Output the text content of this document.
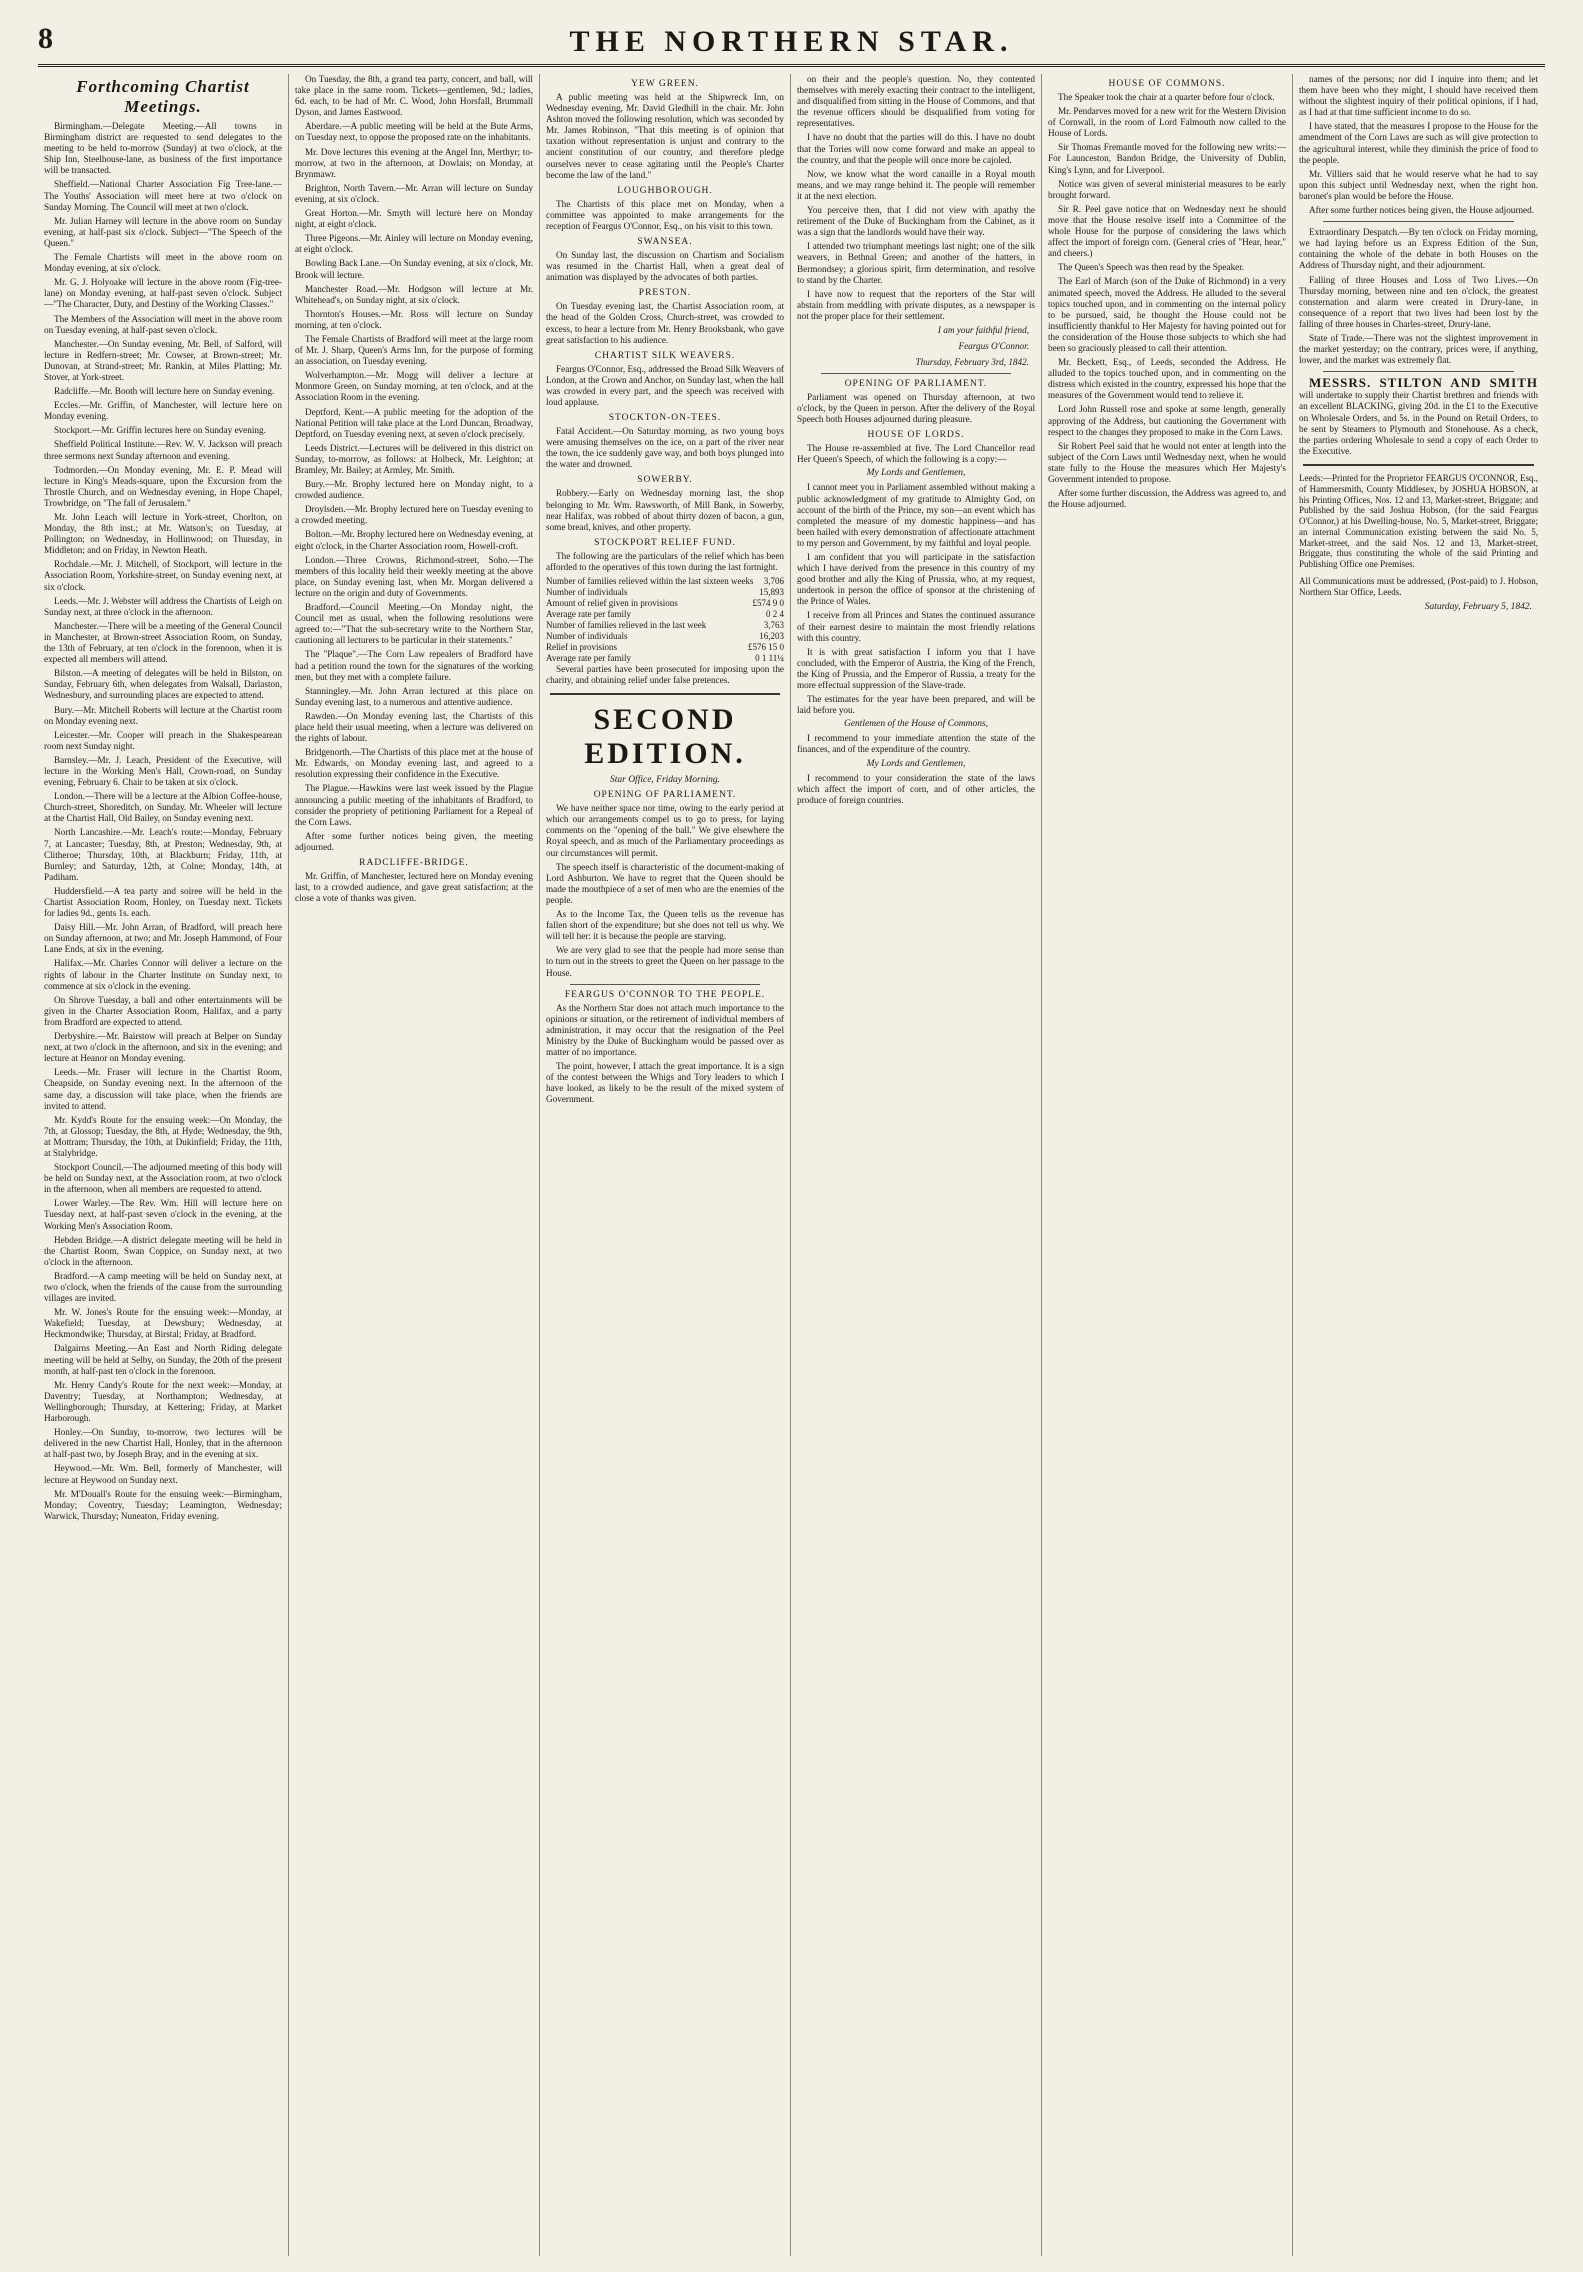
8	THE NORTHERN STAR.
Forthcoming Chartist Meetings.

Birmingham.—Delegate Meeting.—All towns in Birmingham district are requested to send delegates to the meeting to be held to-morrow (Sunday) at two o'clock, at the Ship Inn, Steelhouse-lane, as business of the first importance will be transacted.

Sheffield.—National Charter Association Fig Tree-lane.—The Youths' Association will meet here at two o'clock on Sunday Morning. The Council will meet at two o'clock.

Mr. Julian Harney will lecture in the above room on Sunday evening, at half-past six o'clock. Subject—"The Speech of the Queen."

The Female Chartists will meet in the above room on Monday evening, at six o'clock.

Mr. G. J. Holyoake will lecture in the above room (Fig-tree-lane) on Monday evening, at half-past seven o'clock. Subject—"The Character, Duty, and Destiny of the Working Classes."

The Members of the Association will meet in the above room on Tuesday evening, at half-past seven o'clock.

Manchester.—On Sunday evening, Mr. Bell, of Salford, will lecture in Redfern-street; Mr. Cowser, at Brown-street; Mr. Dunovan, at Strand-street; Mr. Rankin, at Miles Platting; Mr. Stover, at York-street.

Radcliffe.—Mr. Booth will lecture here on Sunday evening.

Eccles.—Mr. Griffin, of Manchester, will lecture here on Monday evening.

Stockport.—Mr. Griffin lectures here on Sunday evening.

Sheffield Political Institute.—Rev. W. V. Jackson will preach three sermons next Sunday afternoon and evening.

Todmorden.—On Monday evening, Mr. E. P. Mead will lecture in King's Meads-square, upon the Excursion from the Throstle Church, and on Wednesday evening, in Hope Chapel, Trowbridge, on "The fall of Jerusalem."

Mr. John Leach will lecture in York-street, Chorlton, on Monday, the 8th inst.; at Mr. Watson's; on Tuesday, at Pollington; on Wednesday, in Hollinwood; on Thursday, in Middleton; and on Friday, in Newton Heath.

Rochdale.—Mr. J. Mitchell, of Stockport, will lecture in the Association Room, Yorkshire-street, on Sunday evening next, at six o'clock.

Leeds.—Mr. J. Webster will address the Chartists of Leigh on Sunday next, at three o'clock in the afternoon.

Manchester.—There will be a meeting of the General Council in Manchester, at Brown-street Association Room, on Sunday, the 13th of February, at ten o'clock in the forenoon, when it is expected all members will attend.

Bilston.—A meeting of delegates will be held in Bilston, on Sunday, February 6th, when delegates from Walsall, Darlaston, Wednesbury, and surrounding places are expected to attend.

Bury.—Mr. Mitchell Roberts will lecture at the Chartist room on Monday evening next.

Leicester.—Mr. Cooper will preach in the Shakespearean room next Sunday night.

Barnsley.—Mr. J. Leach, President of the Executive, will lecture in the Working Men's Hall, Crown-road, on Sunday evening, February 6. Chair to be taken at six o'clock.

London.—There will be a lecture at the Albion Coffee-house, Church-street, Shoreditch, on Sunday. Mr. Wheeler will lecture at the Chartist Hall, Old Bailey, on Sunday evening next.

North Lancashire.—Mr. Leach's route:—Monday, February 7, at Lancaster; Tuesday, 8th, at Preston; Wednesday, 9th, at Clitheroe; Thursday, 10th, at Blackburn; Friday, 11th, at Burnley; and Saturday, 12th, at Colne; Monday, 14th, at Padiham.

Huddersfield.—A tea party and soiree will be held in the Chartist Association Room, Honley, on Tuesday next. Tickets for ladies 9d., gents 1s. each.

Daisy Hill.—Mr. John Arran, of Bradford, will preach here on Sunday afternoon, at two; and Mr. Joseph Hammond, of Four Lane Ends, at six in the evening.

Halifax.—Mr. Charles Connor will deliver a lecture on the rights of labour in the Charter Institute on Sunday next, to commence at six o'clock in the evening.

On Shrove Tuesday, a ball and other entertainments will be given in the Charter Association Room, Halifax, and a party from Bradford are expected to attend.

Derbyshire.—Mr. Bairstow will preach at Belper on Sunday next, at two o'clock in the afternoon, and six in the evening; and lecture at Heanor on Monday evening.

Leeds.—Mr. Fraser will lecture in the Chartist Room, Cheapside, on Sunday evening next. In the afternoon of the same day, a discussion will take place, when the friends are invited to attend.

Mr. Kydd's Route for the ensuing week:—On Monday, the 7th, at Glossop; Tuesday, the 8th, at Hyde; Wednesday, the 9th, at Mottram; Thursday, the 10th, at Dukinfield; Friday, the 11th, at Stalybridge.

Stockport Council.—The adjourned meeting of this body will be held on Sunday next, at the Association room, at two o'clock in the afternoon, when all members are requested to attend.

Lower Warley.—The Rev. Wm. Hill will lecture here on Tuesday next, at half-past seven o'clock in the evening, at the Working Men's Association Room.

Hebden Bridge.—A district delegate meeting will be held in the Chartist Room, Swan Coppice, on Sunday next, at two o'clock in the afternoon.

Bradford.—A camp meeting will be held on Sunday next, at two o'clock, when the friends of the cause from the surrounding villages are invited.

Mr. W. Jones's Route for the ensuing week:—Monday, at Wakefield; Tuesday, at Dewsbury; Wednesday, at Heckmondwike; Thursday, at Birstal; Friday, at Bradford.

Dalgairns Meeting.—An East and North Riding delegate meeting will be held at Selby, on Sunday, the 20th of the present month, at half-past ten o'clock in the forenoon.

Mr. Henry Candy's Route for the next week:—Monday, at Daventry; Tuesday, at Northampton; Wednesday, at Wellingborough; Thursday, at Kettering; Friday, at Market Harborough.

Honley.—On Sunday, to-morrow, two lectures will be delivered in the new Chartist Hall, Honley, that in the afternoon at half-past two, by Joseph Bray, and in the evening at six.

Heywood.—Mr. Wm. Bell, formerly of Manchester, will lecture at Heywood on Sunday next.

Mr. M'Douall's Route for the ensuing week:—Birmingham, Monday; Coventry, Tuesday; Leamington, Wednesday; Warwick, Thursday; Nuneaton, Friday evening.

On Tuesday, the 8th, a grand tea party, concert, and ball, will take place in the same room. Tickets—gentlemen, 9d.; ladies, 6d. each, to be had of Mr. C. Wood, John Horsfall, Brummall Dyson, and James Eastwood.

Aberdare.—A public meeting will be held at the Bute Arms, on Tuesday next, to oppose the proposed rate on the inhabitants.

Mr. Dove lectures this evening at the Angel Inn, Merthyr; to-morrow, at two in the afternoon, at Dowlais; on Monday, at Brynmawr.

Brighton, North Tavern.—Mr. Arran will lecture on Sunday evening, at six o'clock.

Great Horton.—Mr. Smyth will lecture here on Monday night, at eight o'clock.

Three Pigeons.—Mr. Ainley will lecture on Monday evening, at eight o'clock.

Bowling Back Lane.—On Sunday evening, at six o'clock, Mr. Brook will lecture.

Manchester Road.—Mr. Hodgson will lecture at Mr. Whitehead's, on Sunday night, at six o'clock.

Thornton's Houses.—Mr. Ross will lecture on Sunday morning, at ten o'clock.

The Female Chartists of Bradford will meet at the large room of Mr. J. Sharp, Queen's Arms Inn, for the purpose of forming an association, on Tuesday evening.

Wolverhampton.—Mr. Mogg will deliver a lecture at Monmore Green, on Sunday morning, at ten o'clock, and at the Association Room in the evening.

Deptford, Kent.—A public meeting for the adoption of the National Petition will take place at the Lord Duncan, Broadway, Deptford, on Tuesday evening next, at seven o'clock precisely.

Leeds District.—Lectures will be delivered in this district on Sunday, to-morrow, as follows: at Holbeck, Mr. Leighton; at Bramley, Mr. Bailey; at Armley, Mr. Smith.

Bury.—Mr. Brophy lectured here on Monday night, to a crowded audience.

Droylsden.—Mr. Brophy lectured here on Tuesday evening to a crowded meeting.

Bolton.—Mr. Brophy lectured here on Wednesday evening, at eight o'clock, in the Charter Association room, Howell-croft.

London.—Three Crowns, Richmond-street, Soho.—The members of this locality held their weekly meeting at the above place, on Sunday evening last, when Mr. Morgan delivered a lecture on the origin and duty of Governments.

Bradford.—Council Meeting.—On Monday night, the Council met as usual, when the following resolutions were agreed to:—"That the sub-secretary write to the Northern Star, cautioning all lecturers to be particular in their statements."

The "Plaque".—The Corn Law repealers of Bradford have had a petition round the town for the signatures of the working men, but they met with a complete failure.

Stanningley.—Mr. John Arran lectured at this place on Sunday evening last, to a numerous and attentive audience.

Rawden.—On Monday evening last, the Chartists of this place held their usual meeting, when a lecture was delivered on the rights of labour.

Bridgenorth.—The Chartists of this place met at the house of Mr. Edwards, on Monday evening last, and agreed to a resolution expressing their confidence in the Executive.

The Plague.—Hawkins were last week issued by the Plague announcing a public meeting of the inhabitants of Bradford, to consider the propriety of petitioning Parliament for a Repeal of the Corn Laws.

After some further notices being given, the meeting adjourned.

RADCLIFFE-BRIDGE.

Mr. Griffin, of Manchester, lectured here on Monday evening last, to a crowded audience, and gave great satisfaction; at the close a vote of thanks was given.

YEW GREEN.

A public meeting was held at the Shipwreck Inn, on Wednesday evening, Mr. David Gledhill in the chair. Mr. John Ashton moved the following resolution, which was seconded by Mr. James Robinson, "That this meeting is of opinion that taxation without representation is unjust and contrary to the ancient constitution of our country, and therefore pledge ourselves never to cease agitating until the People's Charter become the law of the land."

LOUGHBOROUGH.

The Chartists of this place met on Monday, when a committee was appointed to make arrangements for the reception of Feargus O'Connor, Esq., on his visit to this town.

SWANSEA.

On Sunday last, the discussion on Chartism and Socialism was resumed in the Chartist Hall, when a great deal of animation was displayed by the advocates of both parties.

PRESTON.

On Tuesday evening last, the Chartist Association room, at the head of the Golden Cross, Church-street, was crowded to excess, to hear a lecture from Mr. Henry Brooksbank, who gave great satisfaction to his audience.

CHARTIST SILK WEAVERS.

Feargus O'Connor, Esq., addressed the Broad Silk Weavers of London, at the Crown and Anchor, on Sunday last, when the hall was crowded in every part, and the speech was received with loud applause.

STOCKTON-ON-TEES.

Fatal Accident.—On Saturday morning, as two young boys were amusing themselves on the ice, on a part of the river near the town, the ice suddenly gave way, and both boys plunged into the water and drowned.

SOWERBY.

Robbery.—Early on Wednesday morning last, the shop belonging to Mr. Wm. Rawsworth, of Mill Bank, in Sowerby, near Halifax, was robbed of about thirty dozen of bacon, a gun, some bread, knives, and other property.

STOCKPORT RELIEF FUND.

The following are the particulars of the relief which has been afforded to the operatives of this town during the last fortnight.

Number of families relieved within the last sixteen weeks	3,706
Number of individuals	15,893
Amount of relief given in provisions	£574 9 0
Average rate per family	0 2 4
Number of families relieved in the last week	3,763
Number of individuals	16,203
Relief in provisions	£576 15 0
Average rate per family	0 1 11¼

Several parties have been prosecuted for imposing upon the charity, and obtaining relief under false pretences.

SECOND EDITION.
Star Office, Friday Morning.
OPENING OF PARLIAMENT.

We have neither space nor time, owing to the early period at which our arrangements compel us to go to press, for laying comments on the "opening of the ball." We give elsewhere the Royal speech, and as much of the Parliamentary proceedings as our circumstances will permit.

The speech itself is characteristic of the document-making of Lord Ashburton. We have to regret that the Queen should be made the mouthpiece of a set of men who are the enemies of the people.

As to the Income Tax, the Queen tells us the revenue has fallen short of the expenditure; but she does not tell us why. We will tell her: it is because the people are starving.

We are very glad to see that the people had more sense than to turn out in the streets to greet the Queen on her passage to the House.

FEARGUS O'CONNOR TO THE PEOPLE.

As the Northern Star does not attach much importance to the opinions or situation, or the retirement of individual members of administration, it may occur that the resignation of the Peel Ministry by the Duke of Buckingham would be passed over as matter of no importance.

The point, however, I attach the great importance. It is a sign of the contest between the Whigs and Tory leaders to which I have looked, as likely to be the result of the mixed system of Government.

on their and the people's question. No, they contented themselves with merely exacting their contract to the intelligent, and disqualified from sitting in the House of Commons, and that the revenue officers should be disqualified from voting for representatives.

I have no doubt that the parties will do this. I have no doubt that the Tories will now come forward and make an appeal to the country, and that the people will once more be cajoled.

Now, we know what the word canaille in a Royal mouth means, and we may range behind it. The people will remember it at the next election.

You perceive then, that I did not view with apathy the retirement of the Duke of Buckingham from the Cabinet, as it was a sign that the landlords would have their way.

I attended two triumphant meetings last night; one of the silk weavers, in Bethnal Green; and another of the hatters, in Bermondsey; a glorious spirit, firm determination, and resolve to stand by the Charter.

I have now to request that the reporters of the Star will abstain from meddling with private disputes, as a newspaper is not the proper place for their settlement.

I am your faithful friend,
Feargus O'Connor.
Thursday, February 3rd, 1842.
OPENING OF PARLIAMENT.

Parliament was opened on Thursday afternoon, at two o'clock, by the Queen in person. After the delivery of the Royal Speech both Houses adjourned during pleasure.

HOUSE OF LORDS.

The House re-assembled at five. The Lord Chancellor read Her Queen's Speech, of which the following is a copy:—

My Lords and Gentlemen,

I cannot meet you in Parliament assembled without making a public acknowledgment of my gratitude to Almighty God, on account of the birth of the Prince, my son—an event which has completed the measure of my domestic happiness—and has been hailed with every demonstration of affectionate attachment to my person and Government, by my faithful and loyal people.

I am confident that you will participate in the satisfaction which I have derived from the presence in this country of my good brother and ally the King of Prussia, who, at my request, undertook in person the office of sponsor at the christening of the Prince of Wales.

I receive from all Princes and States the continued assurance of their earnest desire to maintain the most friendly relations with this country.

It is with great satisfaction I inform you that I have concluded, with the Emperor of Austria, the King of the French, the King of Prussia, and the Emperor of Russia, a treaty for the more effectual suppression of the Slave-trade.

The estimates for the year have been prepared, and will be laid before you.

Gentlemen of the House of Commons,

I recommend to your immediate attention the state of the finances, and of the expenditure of the country.

My Lords and Gentlemen,

I recommend to your consideration the state of the laws which affect the import of corn, and of other articles, the produce of foreign countries.

HOUSE OF COMMONS.

The Speaker took the chair at a quarter before four o'clock.

Mr. Pendarves moved for a new writ for the Western Division of Cornwall, in the room of Lord Falmouth now called to the House of Lords.

Sir Thomas Fremantle moved for the following new writs:—For Launceston, Bandon Bridge, the University of Dublin, King's Lynn, and for Liverpool.

Notice was given of several ministerial measures to be early brought forward.

Sir R. Peel gave notice that on Wednesday next he should move that the House resolve itself into a Committee of the whole House for the purpose of considering the laws which affect the import of foreign corn. (General cries of "Hear, hear," and cheers.)

The Queen's Speech was then read by the Speaker.

The Earl of March (son of the Duke of Richmond) in a very animated speech, moved the Address. He alluded to the several topics touched upon, and in commenting on the internal policy to be pursued, said, he thought the House could not be insufficiently thankful to Her Majesty for having pointed out for the consideration of the House those subjects to which she had been so graciously pleased to call their attention.

Mr. Beckett, Esq., of Leeds, seconded the Address. He alluded to the topics touched upon, and in commenting on the distress which existed in the country, expressed his hope that the measures of the Government would tend to relieve it.

Lord John Russell rose and spoke at some length, generally approving of the Address, but cautioning the Government with respect to the changes they proposed to make in the Corn Laws.

Sir Robert Peel said that he would not enter at length into the subject of the Corn Laws until Wednesday next, when he would state fully to the House the measures which Her Majesty's Government intended to propose.

After some further discussion, the Address was agreed to, and the House adjourned.

names of the persons; nor did I inquire into them; and let them have been who they might, I should have received them without the slightest inquiry of their political opinions, if I had, as I had at that time sufficient income to do so.

I have stated, that the measures I propose to the House for the amendment of the Corn Laws are such as will give protection to the agricultural interest, while they diminish the price of food to the people.

Mr. Villiers said that he would reserve what he had to say upon this subject until Wednesday next, when the right hon. baronet's plan would be before the House.

After some further notices being given, the House adjourned.

Extraordinary Despatch.—By ten o'clock on Friday morning, we had laying before us an Express Edition of the Sun, containing the whole of the debate in both Houses on the Address of Thursday night, and their adjournment.

Falling of three Houses and Loss of Two Lives.—On Thursday morning, between nine and ten o'clock, the greatest consternation and alarm were created in Drury-lane, in consequence of a report that two lives had been lost by the falling of three houses in Charles-street, Drury-lane.

State of Trade.—There was not the slightest improvement in the market yesterday; on the contrary, prices were, if anything, lower, and the market was extremely flat.

MESSRS. STILTON AND SMITH will undertake to supply their Chartist brethren and friends with an excellent BLACKING, giving 20d. in the £1 to the Executive on Wholesale Orders, and 5s. in the Pound on Retail Orders, to be sent by Steamers to Plymouth and Stonehouse. As a check, the parties ordering Wholesale to send a copy of each Order to the Executive.

Leeds:—Printed for the Proprietor FEARGUS O'CONNOR, Esq., of Hammersmith, County Middlesex, by JOSHUA HOBSON, at his Printing Offices, Nos. 12 and 13, Market-street, Briggate; and Published by the said Joshua Hobson, (for the said Feargus O'Connor,) at his Dwelling-house, No. 5, Market-street, Briggate; an internal Communication existing between the said No. 5, Market-street, and the said Nos. 12 and 13, Market-street, Briggate, thus constituting the whole of the said Printing and Publishing Office one Premises.
All Communications must be addressed, (Post-paid) to J. Hobson, Northern Star Office, Leeds.
Saturday, February 5, 1842.
